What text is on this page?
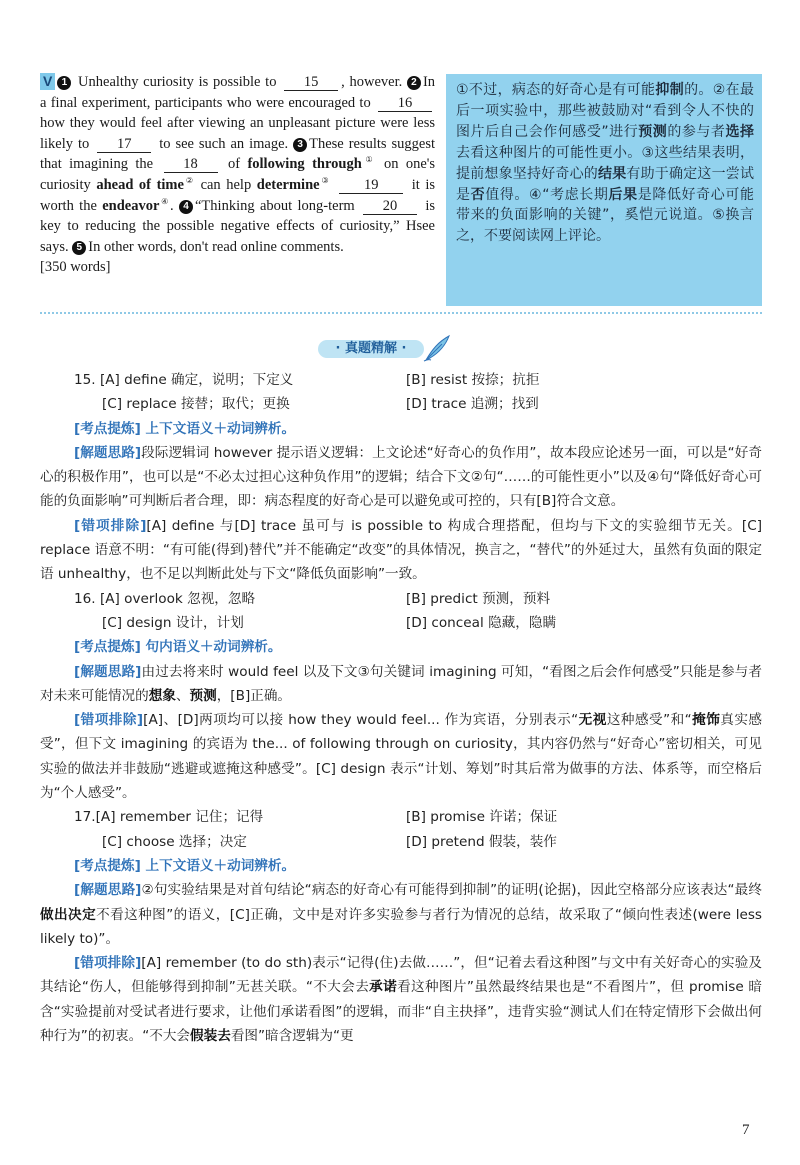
V 1 Unhealthy curiosity is possible to 15 , however. 2 In a final experiment, participants who were encouraged to 16 how they would feel after viewing an unpleasant picture were less likely to 17 to see such an image. 3 These results suggest that imagining the 18 of following through① on one's curiosity ahead of time② can help determine③ 19 it is worth the endeavor④. 4 “Thinking about long-term 20 is key to reducing the possible negative effects of curiosity,” Hsee says. 5 In other words, don't read online comments.
[350 words]
①不过，病态的好奇心是有可能抑制的。②在最后一项实验中，那些被鼓励对“看到令人不快的图片后自己会作何感受”进行预测的参与者选择去看这种图片的可能性更小。③这些结果表明，提前想象坚持好奇心的结果有助于确定这一尝试是否值得。④“考虑长期后果是降低好奇心可能带来的负面影响的关键”，奚恺元说道。⑤换言之，不要阅读网上评论。
· 真题精解 ·
15. [A] define 确定，说明；下定义	[B] resist 按捺；抗拒
[C] replace 接替；取代；更换	[D] trace 追溯；找到

[考点提炼] 上下文语义＋动词辨析。

[解题思路]段际逻辑词 however 提示语义逻辑：上文论述“好奇心的负作用”，故本段应论述另一面，可以是“好奇心的积极作用”，也可以是“不必太过担心这种负作用”的逻辑；结合下文②句“……的可能性更小”以及④句“降低好奇心可能的负面影响”可判断后者合理，即：病态程度的好奇心是可以避免或可控的，只有[B]符合文意。

[错项排除][A] define 与[D] trace 虽可与 is possible to 构成合理搭配，但均与下文的实验细节无关。[C] replace 语意不明：“有可能(得到)替代”并不能确定“改变”的具体情况，换言之，“替代”的外延过大，虽然有负面的限定语 unhealthy，也不足以判断此处与下文“降低负面影响”一致。

16. [A] overlook 忽视，忽略	[B] predict 预测，预料
[C] design 设计，计划	[D] conceal 隐藏，隐瞒

[考点提炼] 句内语义＋动词辨析。

[解题思路]由过去将来时 would feel 以及下文③句关键词 imagining 可知，“看图之后会作何感受”只能是参与者对未来可能情况的想象、预测，[B]正确。

[错项排除][A]、[D]两项均可以接 how they would feel... 作为宾语，分别表示“无视这种感受”和“掩饰真实感受”，但下文 imagining 的宾语为 the... of following through on curiosity，其内容仍然与“好奇心”密切相关，可见实验的做法并非鼓励“逃避或遮掩这种感受”。[C] design 表示“计划、筹划”时其后常为做事的方法、体系等，而空格后为“个人感受”。

17.[A] remember 记住；记得	[B] promise 许诺；保证
[C] choose 选择；决定	[D] pretend 假装，装作

[考点提炼] 上下文语义＋动词辨析。

[解题思路]②句实验结果是对首句结论“病态的好奇心有可能得到抑制”的证明(论据)，因此空格部分应该表达“最终做出决定不看这种图”的语义，[C]正确，文中是对许多实验参与者行为情况的总结，故采取了“倾向性表述(were less likely to)”。

[错项排除][A] remember (to do sth)表示“记得(住)去做……”，但“记着去看这种图”与文中有关好奇心的实验及其结论“伤人，但能够得到抑制”无甚关联。“不大会去承诺看这种图片”虽然最终结果也是“不看图片”，但 promise 暗含“实验提前对受试者进行要求，让他们承诺看图”的逻辑，而非“自主抉择”，违背实验“测试人们在特定情形下会做出何种行为”的初衷。“不大会假装去看图”暗含逻辑为“更

7
